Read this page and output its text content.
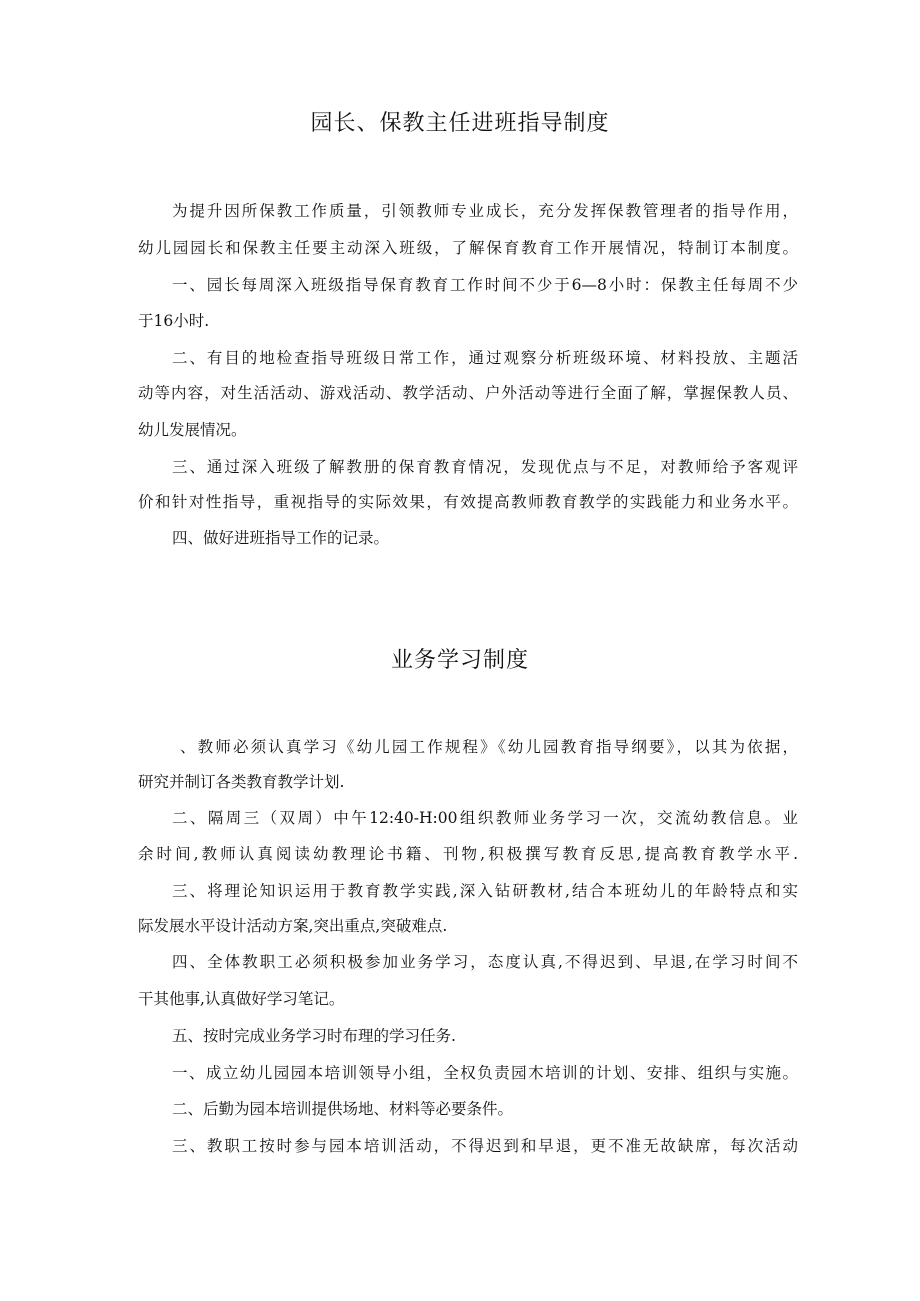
园长、保教主任进班指导制度

为提升因所保教工作质量，引领教师专业成长，充分发挥保教管理者的指导作用，

幼儿园园长和保教主任要主动深入班级，了解保育教育工作开展情况，特制订本制度。

一、园长每周深入班级指导保育教育工作时间不少于6—8小时：保教主任每周不少

于16小时.

二、有目的地检查指导班级日常工作，通过观察分析班级环境、材料投放、主题活

动等内容，对生活活动、游戏活动、教学活动、户外活动等进行全面了解，掌握保教人员、

幼儿发展情况。

三、通过深入班级了解教册的保育教育情况，发现优点与不足，对教师给予客观评

价和针对性指导，重视指导的实际效果，有效提高教师教育教学的实践能力和业务水平。

四、做好进班指导工作的记录。

业务学习制度

、教师必须认真学习《幼儿园工作规程》《幼儿园教育指导纲要》，以其为依据，

研究并制订各类教育教学计划.

二、隔周三（双周）中午12:40-H:00组织教师业务学习一次，交流幼教信息。业

余时间,教师认真阅读幼教理论书籍、刊物,积极撰写教育反思,提高教育教学水平.

三、将理论知识运用于教育教学实践,深入钻研教材,结合本班幼儿的年龄特点和实

际发展水平设计活动方案,突出重点,突破难点.

四、全体教职工必须积极参加业务学习，态度认真,不得迟到、早退,在学习时间不

干其他事,认真做好学习笔记。

五、按时完成业务学习时布理的学习任务.

一、成立幼儿园园本培训领导小组，全权负责园木培训的计划、安排、组织与实施。

二、后勤为园本培训提供场地、材料等必要条件。

三、教职工按时参与园本培训活动，不得迟到和早退，更不准无故缺席，每次活动
